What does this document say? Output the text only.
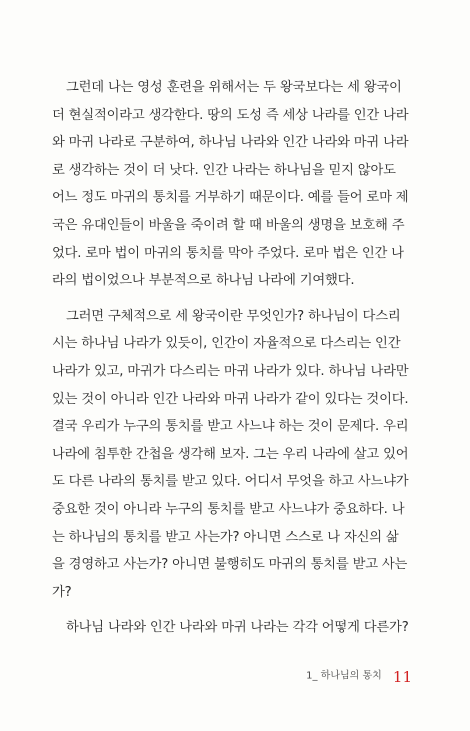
그런데 나는 영성 훈련을 위해서는 두 왕국보다는 세 왕국이
더 현실적이라고 생각한다. 땅의 도성 즉 세상 나라를 인간 나라
와 마귀 나라로 구분하여, 하나님 나라와 인간 나라와 마귀 나라
로 생각하는 것이 더 낫다. 인간 나라는 하나님을 믿지 않아도
어느 정도 마귀의 통치를 거부하기 때문이다. 예를 들어 로마 제
국은 유대인들이 바울을 죽이려 할 때 바울의 생명을 보호해 주
었다. 로마 법이 마귀의 통치를 막아 주었다. 로마 법은 인간 나
라의 법이었으나 부분적으로 하나님 나라에 기여했다.
그러면 구체적으로 세 왕국이란 무엇인가? 하나님이 다스리
시는 하나님 나라가 있듯이, 인간이 자율적으로 다스리는 인간
나라가 있고, 마귀가 다스리는 마귀 나라가 있다. 하나님 나라만
있는 것이 아니라 인간 나라와 마귀 나라가 같이 있다는 것이다.
결국 우리가 누구의 통치를 받고 사느냐 하는 것이 문제다. 우리
나라에 침투한 간첩을 생각해 보자. 그는 우리 나라에 살고 있어
도 다른 나라의 통치를 받고 있다. 어디서 무엇을 하고 사느냐가
중요한 것이 아니라 누구의 통치를 받고 사느냐가 중요하다. 나
는 하나님의 통치를 받고 사는가? 아니면 스스로 나 자신의 삶
을 경영하고 사는가? 아니면 불행히도 마귀의 통치를 받고 사는
가?
하나님 나라와 인간 나라와 마귀 나라는 각각 어떻게 다른가?
1_ 하나님의 통치 11
